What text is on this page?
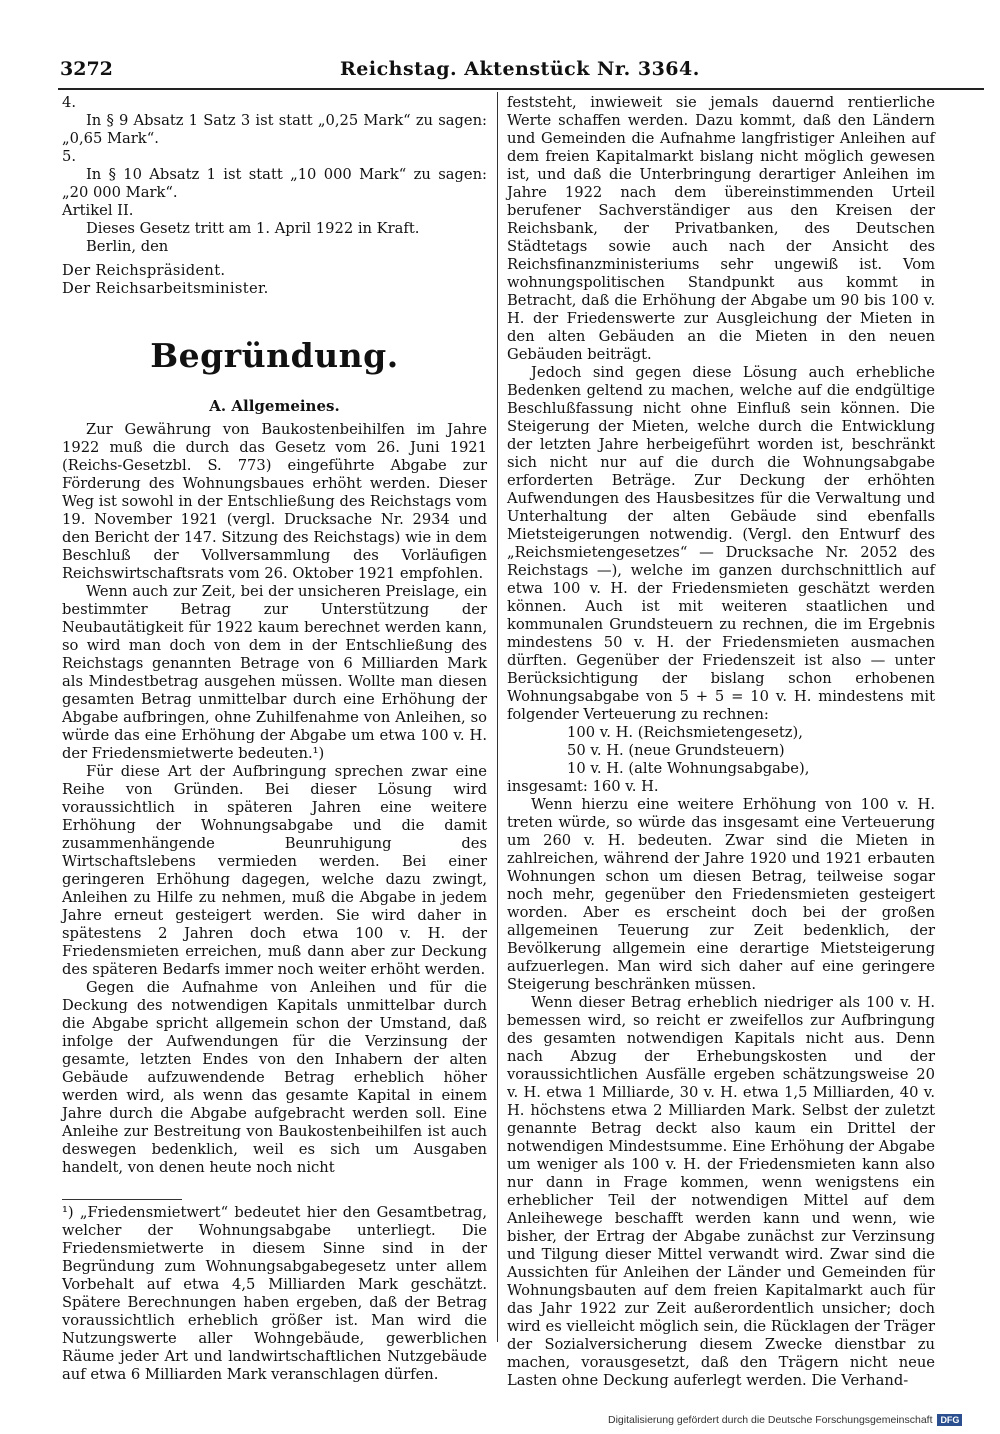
3272	Reichstag. Aktenstück Nr. 3364.

4.

In § 9 Absatz 1 Satz 3 ist statt „0,25 Mark“ zu sagen: „0,65 Mark“.

5.

In § 10 Absatz 1 ist statt „10 000 Mark“ zu sagen: „20 000 Mark“.

Artikel II.

Dieses Gesetz tritt am 1. April 1922 in Kraft.

Berlin, den

Der Reichspräsident.

Der Reichsarbeitsminister.

Begründung.
A. Allgemeines.

Zur Gewährung von Baukostenbeihilfen im Jahre 1922 muß die durch das Gesetz vom 26. Juni 1921 (Reichs-Gesetzbl. S. 773) eingeführte Abgabe zur Förderung des Wohnungsbaues erhöht werden. Dieser Weg ist sowohl in der Entschließung des Reichstags vom 19. November 1921 (vergl. Drucksache Nr. 2934 und den Bericht der 147. Sitzung des Reichstags) wie in dem Beschluß der Vollversammlung des Vorläufigen Reichswirtschaftsrats vom 26. Oktober 1921 empfohlen.

Wenn auch zur Zeit, bei der unsicheren Preislage, ein bestimmter Betrag zur Unterstützung der Neubautätigkeit für 1922 kaum berechnet werden kann, so wird man doch von dem in der Entschließung des Reichstags genannten Betrage von 6 Milliarden Mark als Mindestbetrag ausgehen müssen. Wollte man diesen gesamten Betrag unmittelbar durch eine Erhöhung der Abgabe aufbringen, ohne Zuhilfenahme von Anleihen, so würde das eine Erhöhung der Abgabe um etwa 100 v. H. der Friedensmietwerte bedeuten.¹)

Für diese Art der Aufbringung sprechen zwar eine Reihe von Gründen. Bei dieser Lösung wird voraussichtlich in späteren Jahren eine weitere Erhöhung der Wohnungsabgabe und die damit zusammenhängende Beunruhigung des Wirtschaftslebens vermieden werden. Bei einer geringeren Erhöhung dagegen, welche dazu zwingt, Anleihen zu Hilfe zu nehmen, muß die Abgabe in jedem Jahre erneut gesteigert werden. Sie wird daher in spätestens 2 Jahren doch etwa 100 v. H. der Friedensmieten erreichen, muß dann aber zur Deckung des späteren Bedarfs immer noch weiter erhöht werden.

Gegen die Aufnahme von Anleihen und für die Deckung des notwendigen Kapitals unmittelbar durch die Abgabe spricht allgemein schon der Umstand, daß infolge der Aufwendungen für die Verzinsung der gesamte, letzten Endes von den Inhabern der alten Gebäude aufzuwendende Betrag erheblich höher werden wird, als wenn das gesamte Kapital in einem Jahre durch die Abgabe aufgebracht werden soll. Eine Anleihe zur Bestreitung von Baukostenbeihilfen ist auch deswegen bedenklich, weil es sich um Ausgaben handelt, von denen heute noch nicht

¹) „Friedensmietwert“ bedeutet hier den Gesamtbetrag, welcher der Wohnungsabgabe unterliegt. Die Friedensmietwerte in diesem Sinne sind in der Begründung zum Wohnungsabgabegesetz unter allem Vorbehalt auf etwa 4,5 Milliarden Mark geschätzt. Spätere Berechnungen haben ergeben, daß der Betrag voraussichtlich erheblich größer ist. Man wird die Nutzungswerte aller Wohngebäude, gewerblichen Räume jeder Art und landwirtschaftlichen Nutzgebäude auf etwa 6 Milliarden Mark veranschlagen dürfen.

feststeht, inwieweit sie jemals dauernd rentierliche Werte schaffen werden. Dazu kommt, daß den Ländern und Gemeinden die Aufnahme langfristiger Anleihen auf dem freien Kapitalmarkt bislang nicht möglich gewesen ist, und daß die Unterbringung derartiger Anleihen im Jahre 1922 nach dem übereinstimmenden Urteil berufener Sachverständiger aus den Kreisen der Reichsbank, der Privatbanken, des Deutschen Städtetags sowie auch nach der Ansicht des Reichsfinanzministeriums sehr ungewiß ist. Vom wohnungspolitischen Standpunkt aus kommt in Betracht, daß die Erhöhung der Abgabe um 90 bis 100 v. H. der Friedenswerte zur Ausgleichung der Mieten in den alten Gebäuden an die Mieten in den neuen Gebäuden beiträgt.

Jedoch sind gegen diese Lösung auch erhebliche Bedenken geltend zu machen, welche auf die endgültige Beschlußfassung nicht ohne Einfluß sein können. Die Steigerung der Mieten, welche durch die Entwicklung der letzten Jahre herbeigeführt worden ist, beschränkt sich nicht nur auf die durch die Wohnungsabgabe erforderten Beträge. Zur Deckung der erhöhten Aufwendungen des Hausbesitzes für die Verwaltung und Unterhaltung der alten Gebäude sind ebenfalls Mietsteigerungen notwendig. (Vergl. den Entwurf des „Reichsmietengesetzes“ — Drucksache Nr. 2052 des Reichstags —), welche im ganzen durchschnittlich auf etwa 100 v. H. der Friedensmieten geschätzt werden können. Auch ist mit weiteren staatlichen und kommunalen Grundsteuern zu rechnen, die im Ergebnis mindestens 50 v. H. der Friedensmieten ausmachen dürften. Gegenüber der Friedenszeit ist also — unter Berücksichtigung der bislang schon erhobenen Wohnungsabgabe von 5 + 5 = 10 v. H. mindestens mit folgender Verteuerung zu rechnen:

100 v. H. (Reichsmietengesetz),
50 v. H. (neue Grundsteuern)
10 v. H. (alte Wohnungsabgabe),
insgesamt: 160 v. H.

Wenn hierzu eine weitere Erhöhung von 100 v. H. treten würde, so würde das insgesamt eine Verteuerung um 260 v. H. bedeuten. Zwar sind die Mieten in zahlreichen, während der Jahre 1920 und 1921 erbauten Wohnungen schon um diesen Betrag, teilweise sogar noch mehr, gegenüber den Friedensmieten gesteigert worden. Aber es erscheint doch bei der großen allgemeinen Teuerung zur Zeit bedenklich, der Bevölkerung allgemein eine derartige Mietsteigerung aufzuerlegen. Man wird sich daher auf eine geringere Steigerung beschränken müssen.

Wenn dieser Betrag erheblich niedriger als 100 v. H. bemessen wird, so reicht er zweifellos zur Aufbringung des gesamten notwendigen Kapitals nicht aus. Denn nach Abzug der Erhebungskosten und der voraussichtlichen Ausfälle ergeben schätzungsweise 20 v. H. etwa 1 Milliarde, 30 v. H. etwa 1,5 Milliarden, 40 v. H. höchstens etwa 2 Milliarden Mark. Selbst der zuletzt genannte Betrag deckt also kaum ein Drittel der notwendigen Mindestsumme. Eine Erhöhung der Abgabe um weniger als 100 v. H. der Friedensmieten kann also nur dann in Frage kommen, wenn wenigstens ein erheblicher Teil der notwendigen Mittel auf dem Anleihewege beschafft werden kann und wenn, wie bisher, der Ertrag der Abgabe zunächst zur Verzinsung und Tilgung dieser Mittel verwandt wird. Zwar sind die Aussichten für Anleihen der Länder und Gemeinden für Wohnungsbauten auf dem freien Kapitalmarkt auch für das Jahr 1922 zur Zeit außerordentlich unsicher; doch wird es vielleicht möglich sein, die Rücklagen der Träger der Sozialversicherung diesem Zwecke dienstbar zu machen, vorausgesetzt, daß den Trägern nicht neue Lasten ohne Deckung auferlegt werden. Die Verhand-

Digitalisierung gefördert durch die Deutsche Forschungsgemeinschaft DFG
